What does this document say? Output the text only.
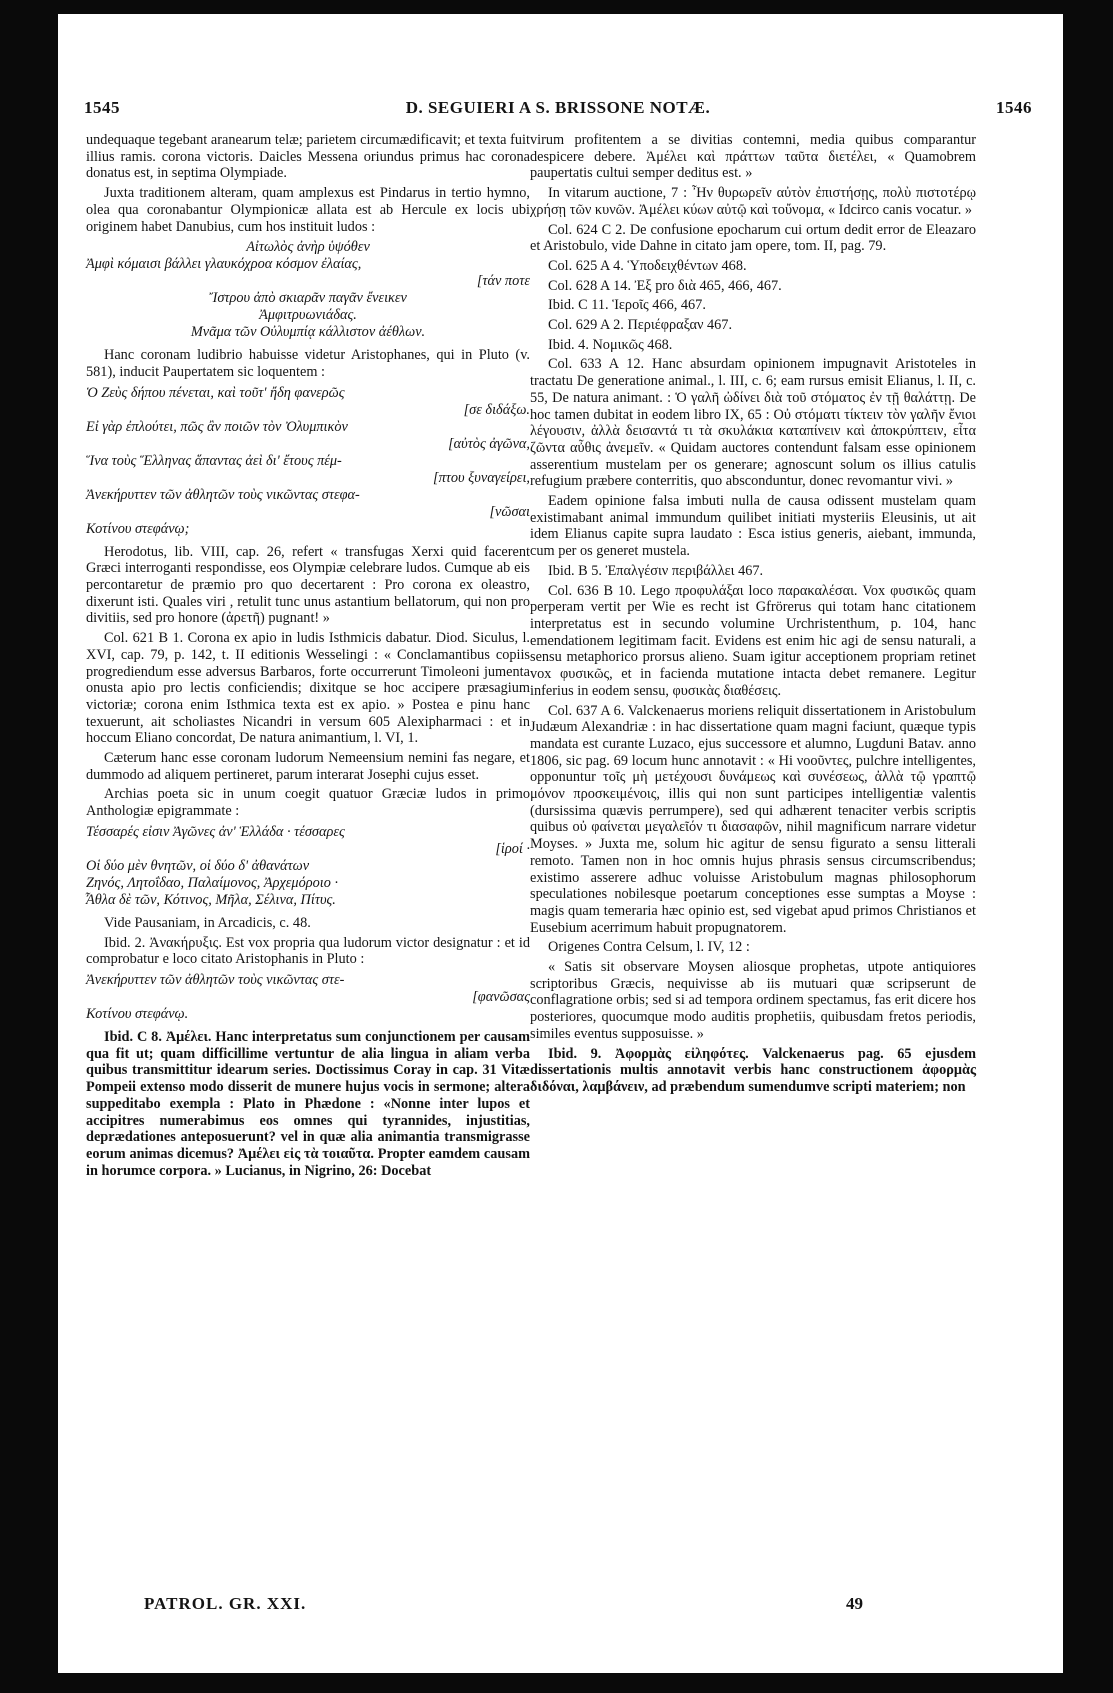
1545	D. SEGUIERI A S. BRISSONE NOTÆ.	1546

undequaque tegebant aranearum telæ; parietem circumædificavit; et texta fuit illius ramis. corona victoris. Daicles Messena oriundus primus hac corona donatus est, in septima Olympiade.

Juxta traditionem alteram, quam amplexus est Pindarus in tertio hymno, olea qua coronabantur Olympionicæ allata est ab Hercule ex locis ubi originem habet Danubius, cum hos instituit ludos :

Αἰτωλὸς ἀνὴρ ὑψόθεν
Ἀμφὶ κόμαισι βάλλει γλαυκόχροα κόσμον ἐλαίας,
[τάν ποτε
Ἴστρου ἀπὸ σκιαρᾶν παγᾶν ἔνεικεν
Ἀμφιτρυωνιάδας.
Μνᾶμα τῶν Οὐλυμπίᾳ κάλλιστον ἀέθλων.

Hanc coronam ludibrio habuisse videtur Aristophanes, qui in Pluto (v. 581), inducit Paupertatem sic loquentem :

Ὁ Ζεὺς δήπου πένεται, καὶ τοῦτ' ἤδη φανερῶς
[σε διδάξω.
Εἰ γὰρ ἐπλούτει, πῶς ἂν ποιῶν τὸν Ὀλυμπικὸν
[αὐτὸς ἀγῶνα,
Ἵνα τοὺς Ἕλληνας ἅπαντας ἀεὶ δι' ἔτους πέμ-
[πτου ξυναγείρει,
Ἀνεκήρυττεν τῶν ἀθλητῶν τοὺς νικῶντας στεφα-
[νῶσαι
Κοτίνου στεφάνῳ;

Herodotus, lib. VIII, cap. 26, refert « transfugas Xerxi quid facerent Græci interroganti respondisse, eos Olympiæ celebrare ludos. Cumque ab eis percontaretur de præmio pro quo decertarent : Pro corona ex oleastro, dixerunt isti. Quales viri , retulit tunc unus astantium bellatorum, qui non pro divitiis, sed pro honore (ἀρετῆ) pugnant! »

Col. 621 B 1. Corona ex apio in ludis Isthmicis dabatur. Diod. Siculus, l. XVI, cap. 79, p. 142, t. II editionis Wesselingi : « Conclamantibus copiis progrediendum esse adversus Barbaros, forte occurrerunt Timoleoni jumenta onusta apio pro lectis conficiendis; dixitque se hoc accipere præsagium victoriæ; corona enim Isthmica texta est ex apio. » Postea e pinu hanc texuerunt, ait scholiastes Nicandri in versum 605 Alexipharmaci : et in hoccum Eliano concordat, De natura animantium, l. VI, 1.

Cæterum hanc esse coronam ludorum Nemeensium nemini fas negare, et dummodo ad aliquem pertineret, parum interarat Josephi cujus esset.

Archias poeta sic in unum coegit quatuor Græciæ ludos in primo Anthologiæ epigrammate :

Τέσσαρές εἰσιν Ἀγῶνες ἀν' Ἑλλάδα · τέσσαρες
[ἱροί ·
Οἱ δύο μὲν θνητῶν, οἱ δύο δ' ἀθανάτων
Ζηνός, Λητοΐδαο, Παλαίμονος, Ἀρχεμόροιο ·
Ἆθλα δὲ τῶν, Κότινος, Μῆλα, Σέλινα, Πίτυς.

Vide Pausaniam, in Arcadicis, c. 48.

Ibid. 2. Ἀνακήρυξις. Est vox propria qua ludorum victor designatur : et id comprobatur e loco citato Aristophanis in Pluto :

Ἀνεκήρυττεν τῶν ἀθλητῶν τοὺς νικῶντας στε-
[φανῶσας
Κοτίνου στεφάνῳ.

Ibid. C 8. Ἀμέλει. Hanc interpretatus sum conjunctionem per causam qua fit ut; quam difficillime vertuntur de alia lingua in aliam verba quibus transmittitur idearum series. Doctissimus Coray in cap. 31 Vitæ Pompeii extenso modo disserit de munere hujus vocis in sermone; altera suppeditabo exempla : Plato in Phædone : «Nonne inter lupos et accipitres numerabimus eos omnes qui tyrannides, injustitias, deprædationes anteposuerunt? vel in quæ alia animantia transmigrasse eorum animas dicemus? Ἀμέλει εἰς τὰ τοιαῦτα. Propter eamdem causam in horumce corpora. » Lucianus, in Nigrino, 26: Docebat

virum profitentem a se divitias contemni, media quibus comparantur despicere debere. Ἀμέλει καὶ πράττων ταῦτα διετέλει, « Quamobrem paupertatis cultui semper deditus est. »

In vitarum auctione, 7 : Ἦν θυρωρεῖν αὐτὸν ἐπιστήσῃς, πολὺ πιστοτέρῳ χρήσῃ τῶν κυνῶν. Ἀμέλει κύων αὐτῷ καὶ τοὔνομα, « Idcirco canis vocatur. »

Col. 624 C 2. De confusione epocharum cui ortum dedit error de Eleazaro et Aristobulo, vide Dahne in citato jam opere, tom. II, pag. 79.

Col. 625 A 4. Ὑποδειχθέντων 468.

Col. 628 A 14. Ἐξ pro διὰ 465, 466, 467.

Ibid. C 11. Ἱεροῖς 466, 467.

Col. 629 A 2. Περιέφραξαν 467.

Ibid. 4. Νομικῶς 468.

Col. 633 A 12. Hanc absurdam opinionem impugnavit Aristoteles in tractatu De generatione animal., l. III, c. 6; eam rursus emisit Elianus, l. II, c. 55, De natura animant. : Ὁ γαλῆ ὠδίνει διὰ τοῦ στόματος ἐν τῇ θαλάττῃ. De hoc tamen dubitat in eodem libro IX, 65 : Οὐ στόματι τίκτειν τὸν γαλῆν ἔνιοι λέγουσιν, ἀλλὰ δεισαντά τι τὰ σκυλάκια καταπίνειν καὶ ἀποκρύπτειν, εἶτα ζῶντα αὖθις ἀνεμεῖν. « Quidam auctores contendunt falsam esse opinionem asserentium mustelam per os generare; agnoscunt solum os illius catulis refugium præbere conterritis, quo absconduntur, donec revomantur vivi. »

Eadem opinione falsa imbuti nulla de causa odissent mustelam quam existimabant animal immundum quilibet initiati mysteriis Eleusinis, ut ait idem Elianus capite supra laudato : Esca istius generis, aiebant, immunda, cum per os generet mustela.

Ibid. B 5. Ἐπαλγέσιν περιβάλλει 467.

Col. 636 B 10. Lego προφυλάξαι loco παρακαλέσαι. Vox φυσικῶς quam perperam vertit per Wie es recht ist Gfrörerus qui totam hanc citationem interpretatus est in secundo volumine Urchristenthum, p. 104, hanc emendationem legitimam facit. Evidens est enim hic agi de sensu naturali, a sensu metaphorico prorsus alieno. Suam igitur acceptionem propriam retinet vox φυσικῶς, et in facienda mutatione intacta debet remanere. Legitur inferius in eodem sensu, φυσικὰς διαθέσεις.

Col. 637 A 6. Valckenaerus moriens reliquit dissertationem in Aristobulum Judæum Alexandriæ : in hac dissertatione quam magni faciunt, quæque typis mandata est curante Luzaco, ejus successore et alumno, Lugduni Batav. anno 1806, sic pag. 69 locum hunc annotavit : « Hi νοοῦντες, pulchre intelligentes, opponuntur τοῖς μὴ μετέχουσι δυνάμεως καὶ συνέσεως, ἀλλὰ τῷ γραπτῷ μόνον προσκειμένοις, illis qui non sunt participes intelligentiæ valentis (dursissima quævis perrumpere), sed qui adhærent tenaciter verbis scriptis quibus οὐ φαίνεται μεγαλεῖόν τι διασαφῶν, nihil magnificum narrare videtur Moyses. » Juxta me, solum hic agitur de sensu figurato a sensu litterali remoto. Tamen non in hoc omnis hujus phrasis sensus circumscribendus; existimo asserere adhuc voluisse Aristobulum magnas philosophorum speculationes nobilesque poetarum conceptiones esse sumptas a Moyse : magis quam temeraria hæc opinio est, sed vigebat apud primos Christianos et Eusebium acerrimum habuit propugnatorem.

Origenes Contra Celsum, l. IV, 12 :

« Satis sit observare Moysen aliosque prophetas, utpote antiquiores scriptoribus Græcis, nequivisse ab iis mutuari quæ scripserunt de conflagratione orbis; sed si ad tempora ordinem spectamus, fas erit dicere hos posteriores, quocumque modo auditis prophetiis, quibusdam fretos periodis, similes eventus supposuisse. »

Ibid. 9. Ἀφορμὰς εἰληφότες. Valckenaerus pag. 65 ejusdem dissertationis multis annotavit verbis hanc constructionem ἀφορμὰς διδόναι, λαμβάνειν, ad præbendum sumendumve scripti materiem; non

PATROL. GR. XXI.	49
